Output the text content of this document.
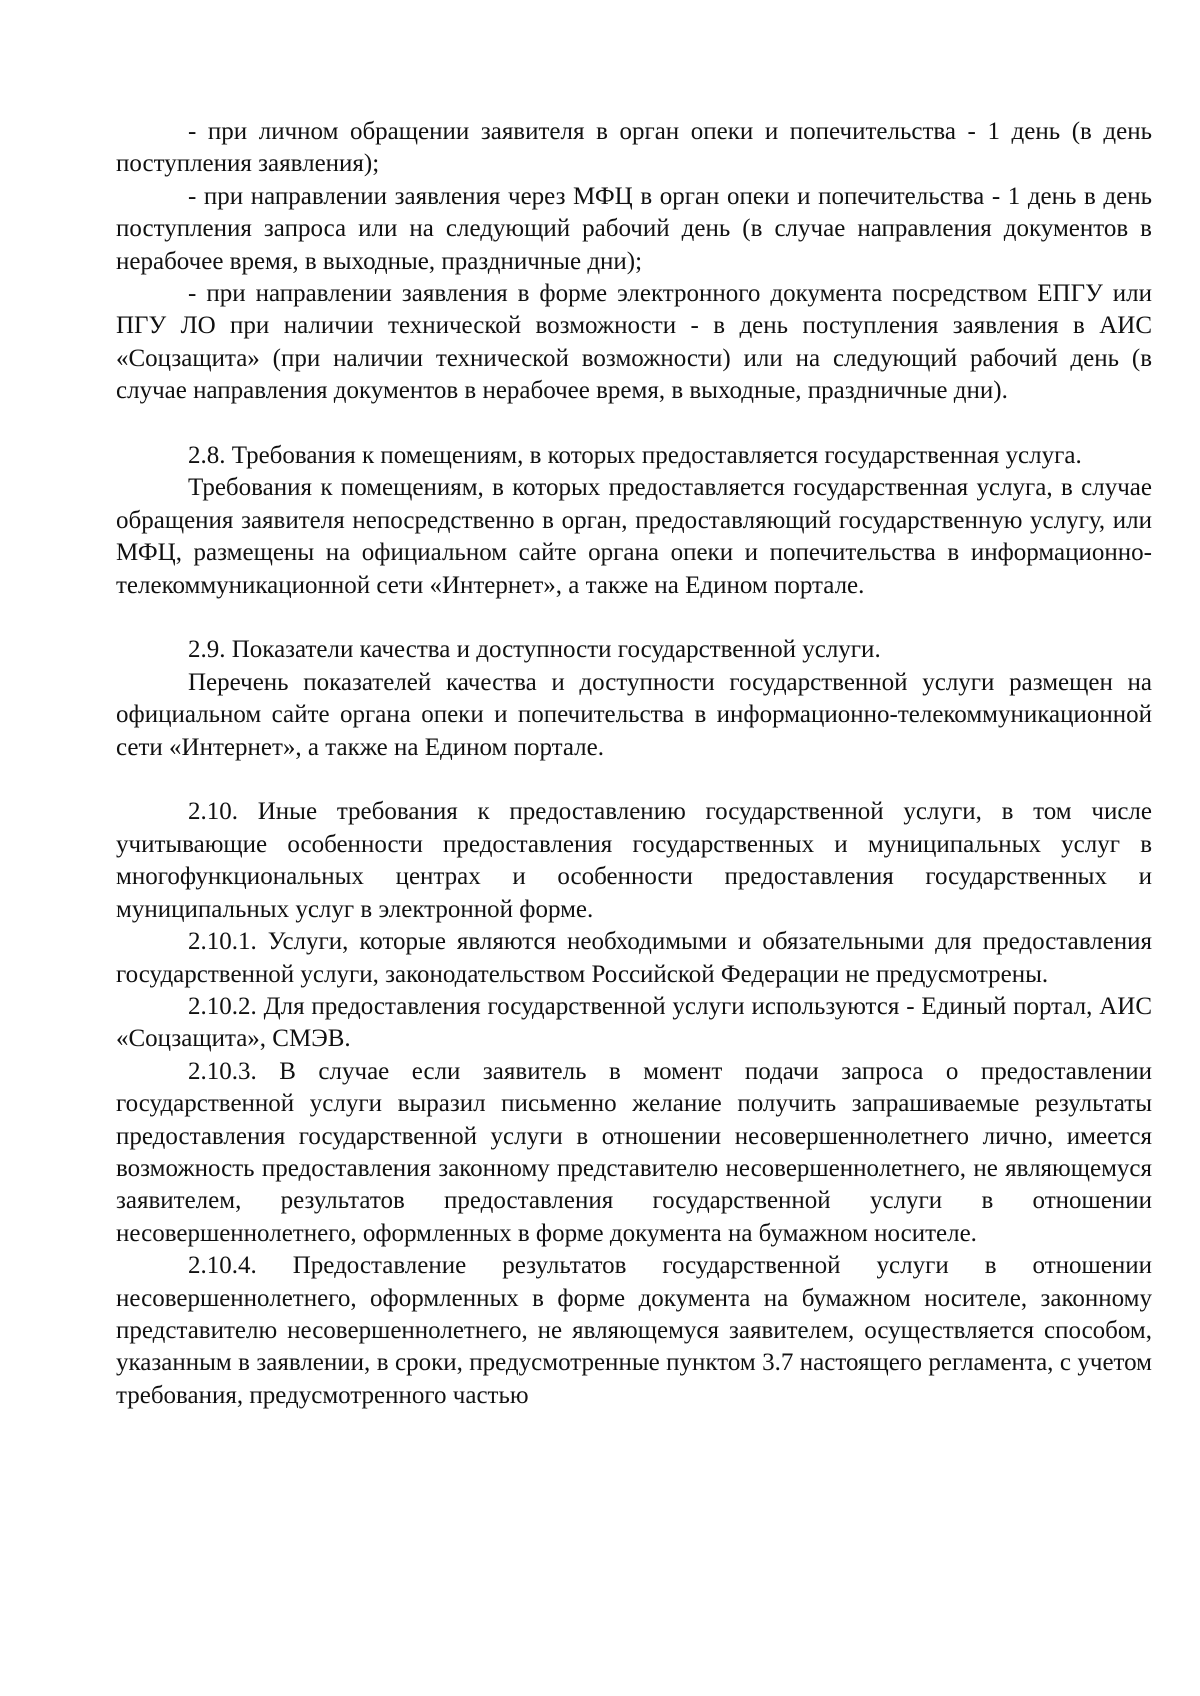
- при личном обращении заявителя в орган опеки и попечительства - 1 день (в день поступления заявления);

- при направлении заявления через МФЦ в орган опеки и попечительства - 1 день в день поступления запроса или на следующий рабочий день (в случае направления документов в нерабочее время, в выходные, праздничные дни);

- при направлении заявления в форме электронного документа посредством ЕПГУ или ПГУ ЛО при наличии технической возможности - в день поступления заявления в АИС «Соцзащита» (при наличии технической возможности) или на следующий рабочий день (в случае направления документов в нерабочее время, в выходные, праздничные дни).

2.8. Требования к помещениям, в которых предоставляется государственная услуга.

Требования к помещениям, в которых предоставляется государственная услуга, в случае обращения заявителя непосредственно в орган, предоставляющий государственную услугу, или МФЦ, размещены на официальном сайте органа опеки и попечительства в информационно-телекоммуникационной сети «Интернет», а также на Едином портале.

2.9. Показатели качества и доступности государственной услуги.

Перечень показателей качества и доступности государственной услуги размещен на официальном сайте органа опеки и попечительства в информационно-телекоммуникационной сети «Интернет», а также на Едином портале.

2.10. Иные требования к предоставлению государственной услуги, в том числе учитывающие особенности предоставления государственных и муниципальных услуг в многофункциональных центрах и особенности предоставления государственных и муниципальных услуг в электронной форме.

2.10.1. Услуги, которые являются необходимыми и обязательными для предоставления государственной услуги, законодательством Российской Федерации не предусмотрены.

2.10.2. Для предоставления государственной услуги используются - Единый портал, АИС «Соцзащита», СМЭВ.

2.10.3. В случае если заявитель в момент подачи запроса о предоставлении государственной услуги выразил письменно желание получить запрашиваемые результаты предоставления государственной услуги в отношении несовершеннолетнего лично, имеется возможность предоставления законному представителю несовершеннолетнего, не являющемуся заявителем, результатов предоставления государственной услуги в отношении несовершеннолетнего, оформленных в форме документа на бумажном носителе.

2.10.4. Предоставление результатов государственной услуги в отношении несовершеннолетнего, оформленных в форме документа на бумажном носителе, законному представителю несовершеннолетнего, не являющемуся заявителем, осуществляется способом, указанным в заявлении, в сроки, предусмотренные пунктом 3.7 настоящего регламента, с учетом требования, предусмотренного частью
